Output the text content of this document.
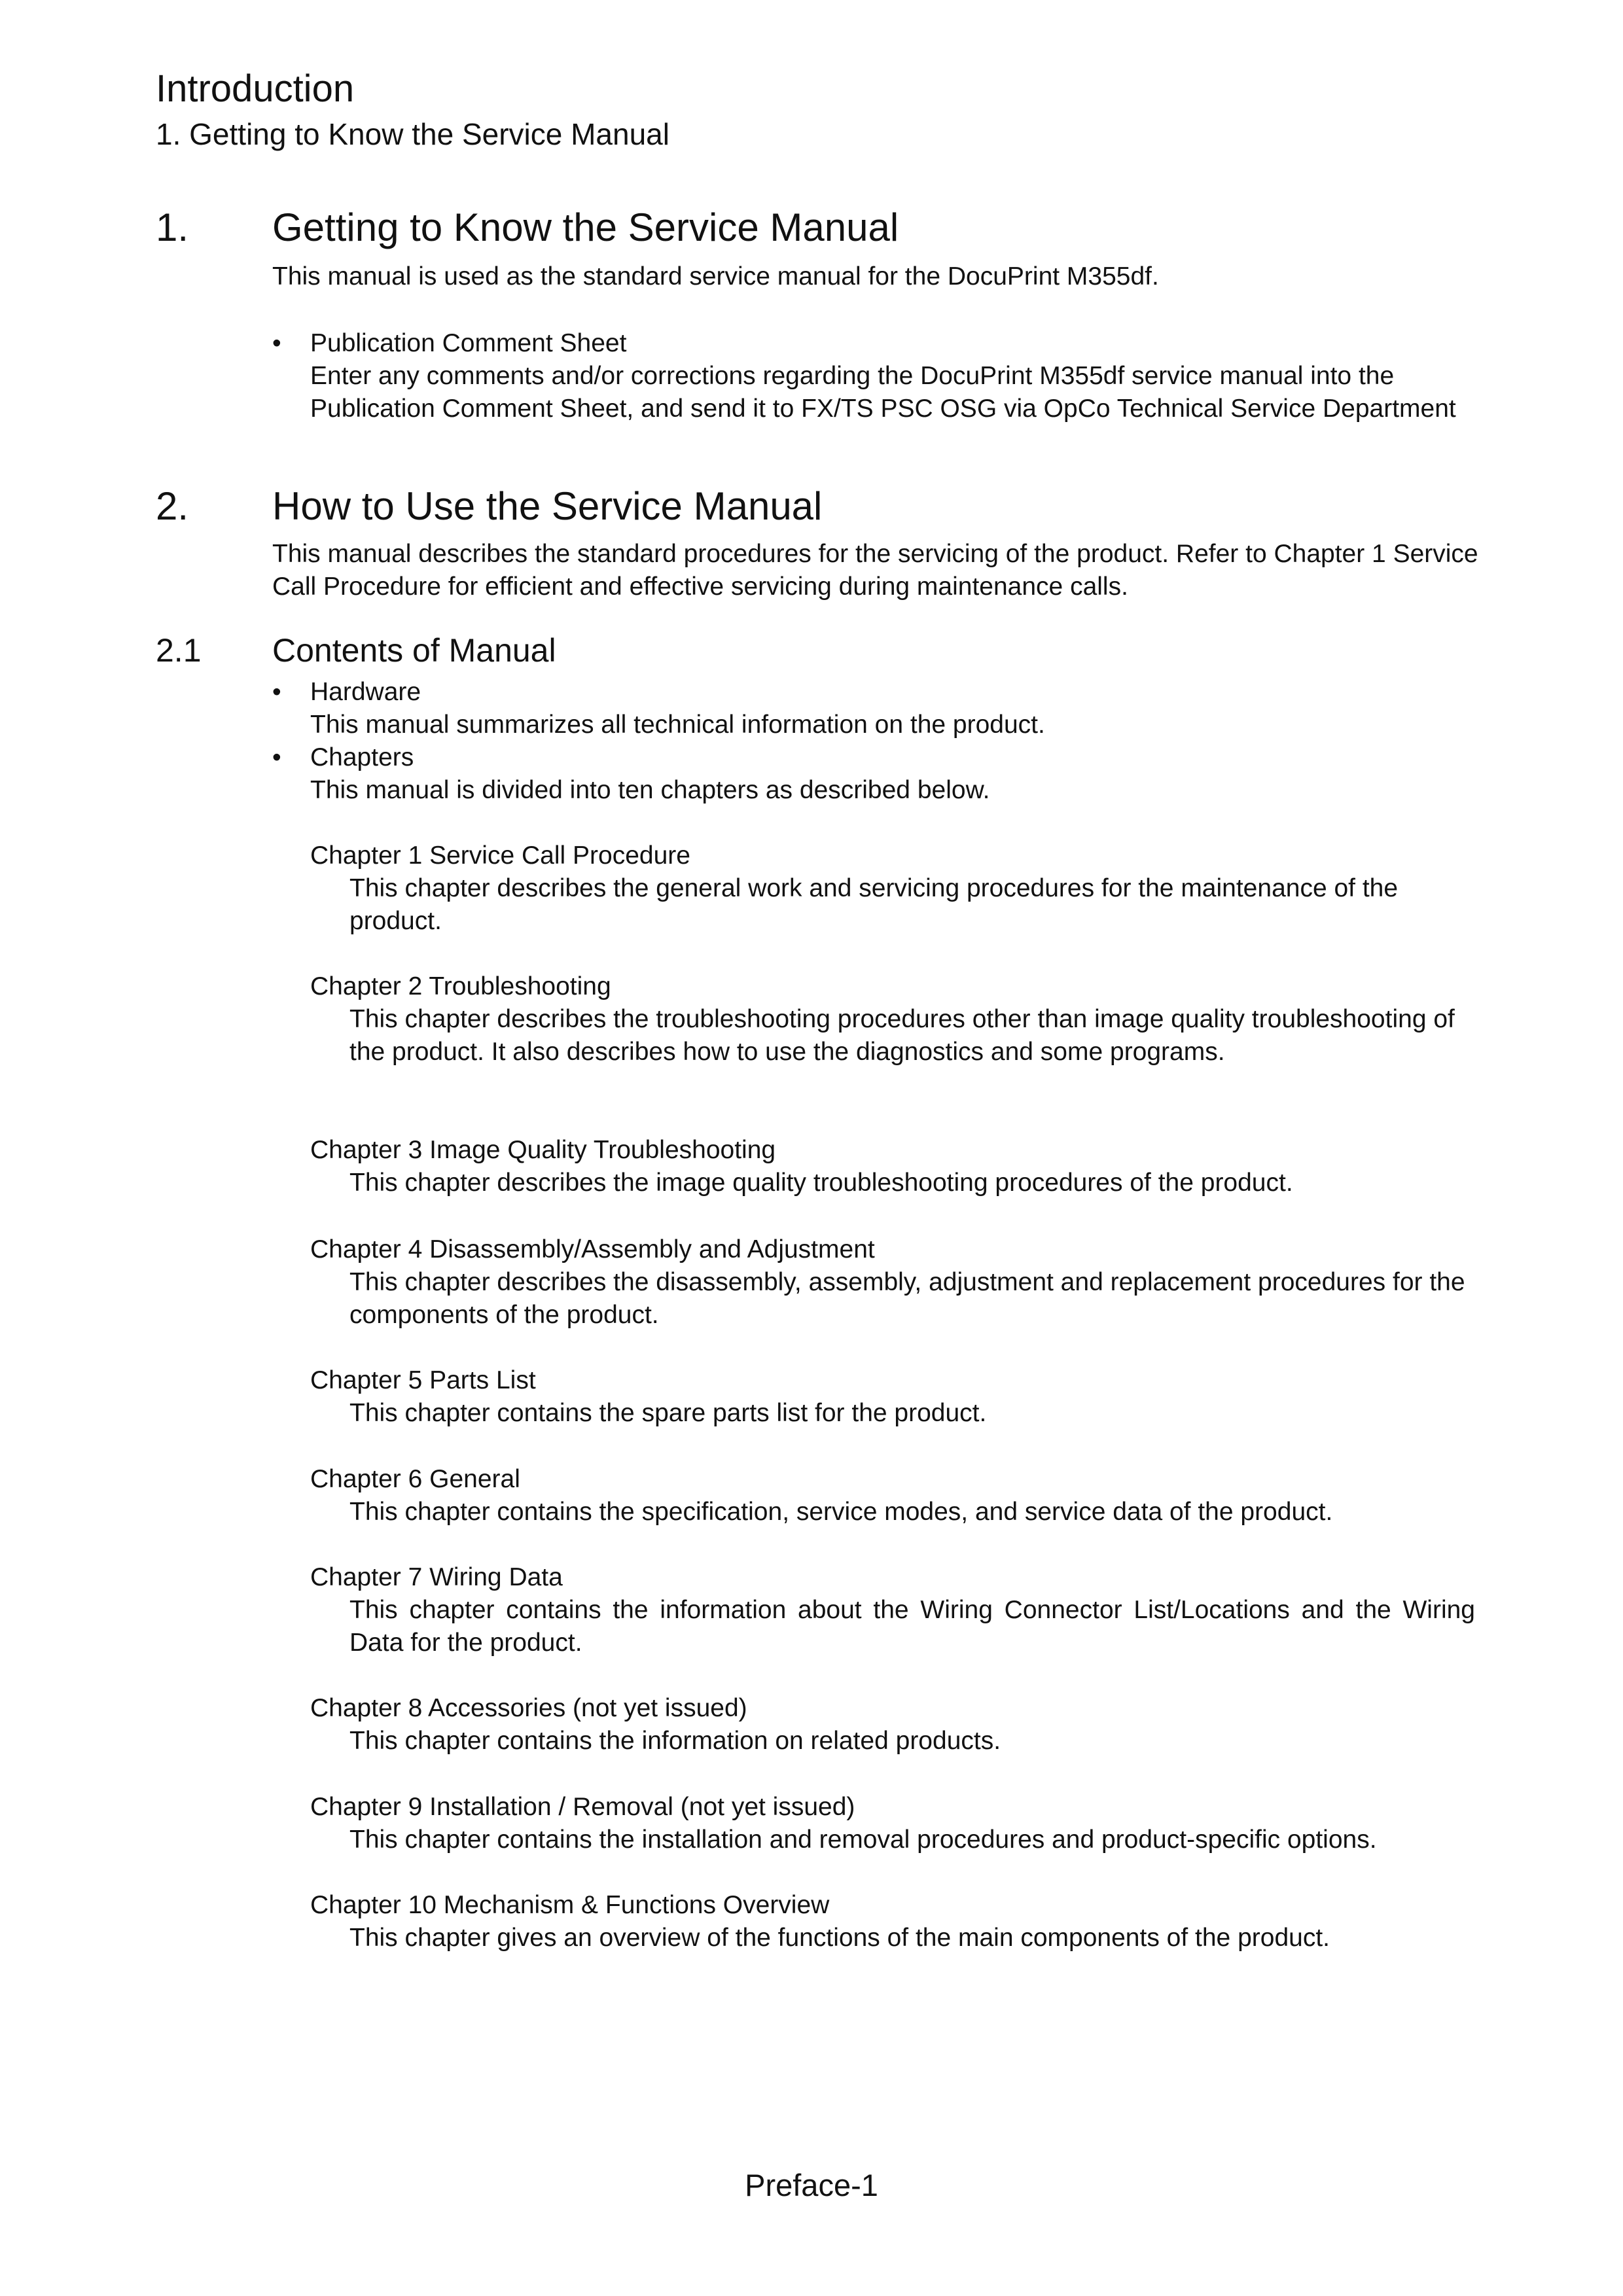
Introduction
1. Getting to Know the Service Manual
1. Getting to Know the Service Manual
This manual is used as the standard service manual for the DocuPrint M355df.
• Publication Comment Sheet
Enter any comments and/or corrections regarding the DocuPrint M355df service manual into the Publication Comment Sheet, and send it to FX/TS PSC OSG via OpCo Technical Service Department
2. How to Use the Service Manual
This manual describes the standard procedures for the servicing of the product. Refer to Chapter 1 Service Call Procedure for efficient and effective servicing during maintenance calls.
2.1 Contents of Manual
• Hardware
This manual summarizes all technical information on the product.
• Chapters
This manual is divided into ten chapters as described below.
Chapter 1 Service Call Procedure
This chapter describes the general work and servicing procedures for the maintenance of the product.
Chapter 2 Troubleshooting
This chapter describes the troubleshooting procedures other than image quality troubleshooting of the product. It also describes how to use the diagnostics and some programs.
Chapter 3 Image Quality Troubleshooting
This chapter describes the image quality troubleshooting procedures of the product.
Chapter 4 Disassembly/Assembly and Adjustment
This chapter describes the disassembly, assembly, adjustment and replacement procedures for the components of the product.
Chapter 5 Parts List
This chapter contains the spare parts list for the product.
Chapter 6 General
This chapter contains the specification, service modes, and service data of the product.
Chapter 7 Wiring Data
This chapter contains the information about the Wiring Connector List/Locations and the Wiring Data for the product.
Chapter 8 Accessories (not yet issued)
This chapter contains the information on related products.
Chapter 9 Installation / Removal (not yet issued)
This chapter contains the installation and removal procedures and product-specific options.
Chapter 10 Mechanism & Functions Overview
This chapter gives an overview of the functions of the main components of the product.
Preface-1
